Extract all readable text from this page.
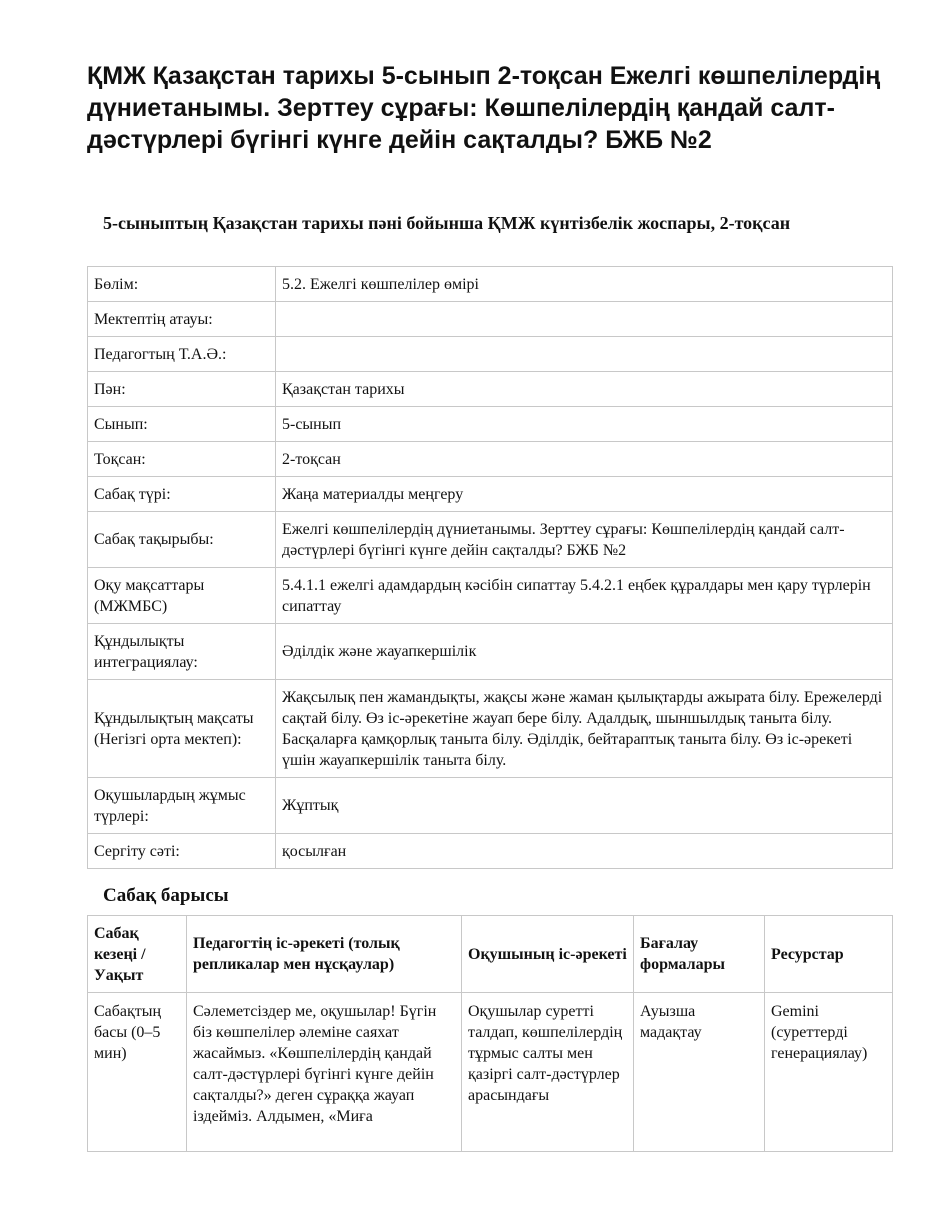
ҚМЖ Қазақстан тарихы 5-сынып 2-тоқсан Ежелгі көшпелілердің дүниетанымы. Зерттеу сұрағы: Көшпелілердің қандай салт-дәстүрлері бүгінгі күнге дейін сақталды? БЖБ №2
5-сыныптың Қазақстан тарихы пәні бойынша ҚМЖ күнтізбелік жоспары, 2-тоқсан
Бөлім:	5.2. Ежелгі көшпелілер өмірі
Мектептің атауы:	
Педагогтың Т.А.Ә.:	
Пән:	Қазақстан тарихы
Сынып:	5-сынып
Тоқсан:	2-тоқсан
Сабақ түрі:	Жаңа материалды меңгеру
Сабақ тақырыбы:	Ежелгі көшпелілердің дүниетанымы. Зерттеу сұрағы: Көшпелілердің қандай салт-дәстүрлері бүгінгі күнге дейін сақталды? БЖБ №2
Оқу мақсаттары (МЖМБС)	5.4.1.1 ежелгі адамдардың кәсібін сипаттау 5.4.2.1 еңбек құралдары мен қару түрлерін сипаттау
Құндылықты интеграциялау:	Әділдік және жауапкершілік
Құндылықтың мақсаты (Негізгі орта мектеп):	Жақсылық пен жамандықты, жақсы және жаман қылықтарды ажырата білу. Ережелерді сақтай білу. Өз іс-әрекетіне жауап бере білу. Адалдық, шыншылдық таныта білу. Басқаларға қамқорлық таныта білу. Әділдік, бейтараптық таныта білу. Өз іс-әрекеті үшін жауапкершілік таныта білу.
Оқушылардың жұмыс түрлері:	Жұптық
Сергіту сәті:	қосылған
Сабақ барысы
Сабақ кезеңі / Уақыт	Педагогтің іс-әрекеті (толық репликалар мен нұсқаулар)	Оқушының іс-әрекеті	Бағалау формалары	Ресурстар
Сабақтың басы (0–5 мин)	Сәлеметсіздер ме, оқушылар! Бүгін біз көшпелілер әлеміне саяхат жасаймыз. «Көшпелілердің қандай салт-дәстүрлері бүгінгі күнге дейін сақталды?» деген сұраққа жауап іздейміз. Алдымен, «Миға	Оқушылар суретті талдап, көшпелілердің тұрмыс салты мен қазіргі салт-дәстүрлер арасындағы	Ауызша мадақтау	Gemini (суреттерді генерациялау)
